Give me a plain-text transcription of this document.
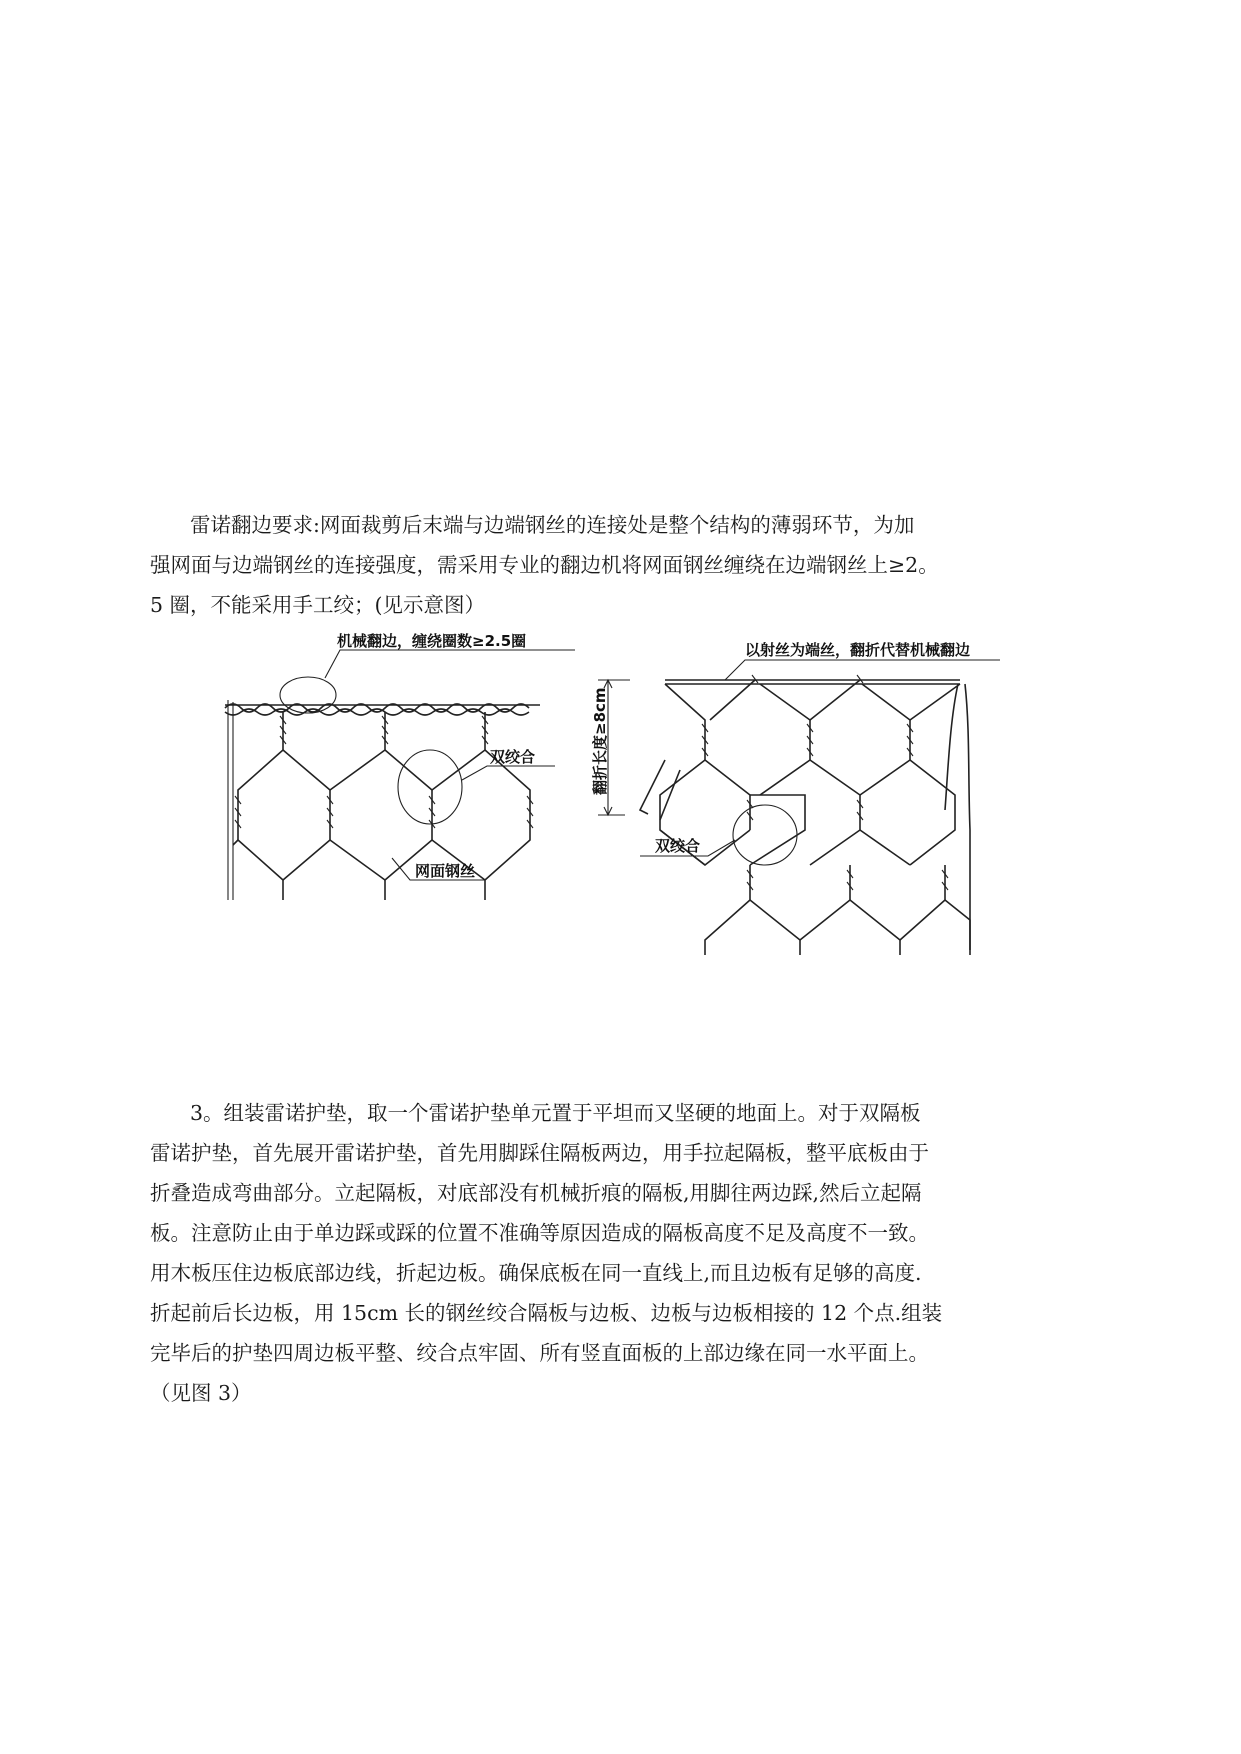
雷诺翻边要求:网面裁剪后末端与边端钢丝的连接处是整个结构的薄弱环节，为加
强网面与边端钢丝的连接强度，需采用专业的翻边机将网面钢丝缠绕在边端钢丝上≥2。
5 圈，不能采用手工绞；(见示意图）
机械翻边，缠绕圈数≥2.5圈
双绞合
网面钢丝
翻折长度≥8cm
以射丝为端丝，翻折代替机械翻边
双绞合
3。组装雷诺护垫，取一个雷诺护垫单元置于平坦而又坚硬的地面上。对于双隔板
雷诺护垫，首先展开雷诺护垫，首先用脚踩住隔板两边，用手拉起隔板，整平底板由于
折叠造成弯曲部分。立起隔板，对底部没有机械折痕的隔板,用脚往两边踩,然后立起隔
板。注意防止由于单边踩或踩的位置不准确等原因造成的隔板高度不足及高度不一致。
用木板压住边板底部边线，折起边板。确保底板在同一直线上,而且边板有足够的高度.
折起前后长边板，用 15cm 长的钢丝绞合隔板与边板、边板与边板相接的 12 个点.组装
完毕后的护垫四周边板平整、绞合点牢固、所有竖直面板的上部边缘在同一水平面上。
（见图 3）
